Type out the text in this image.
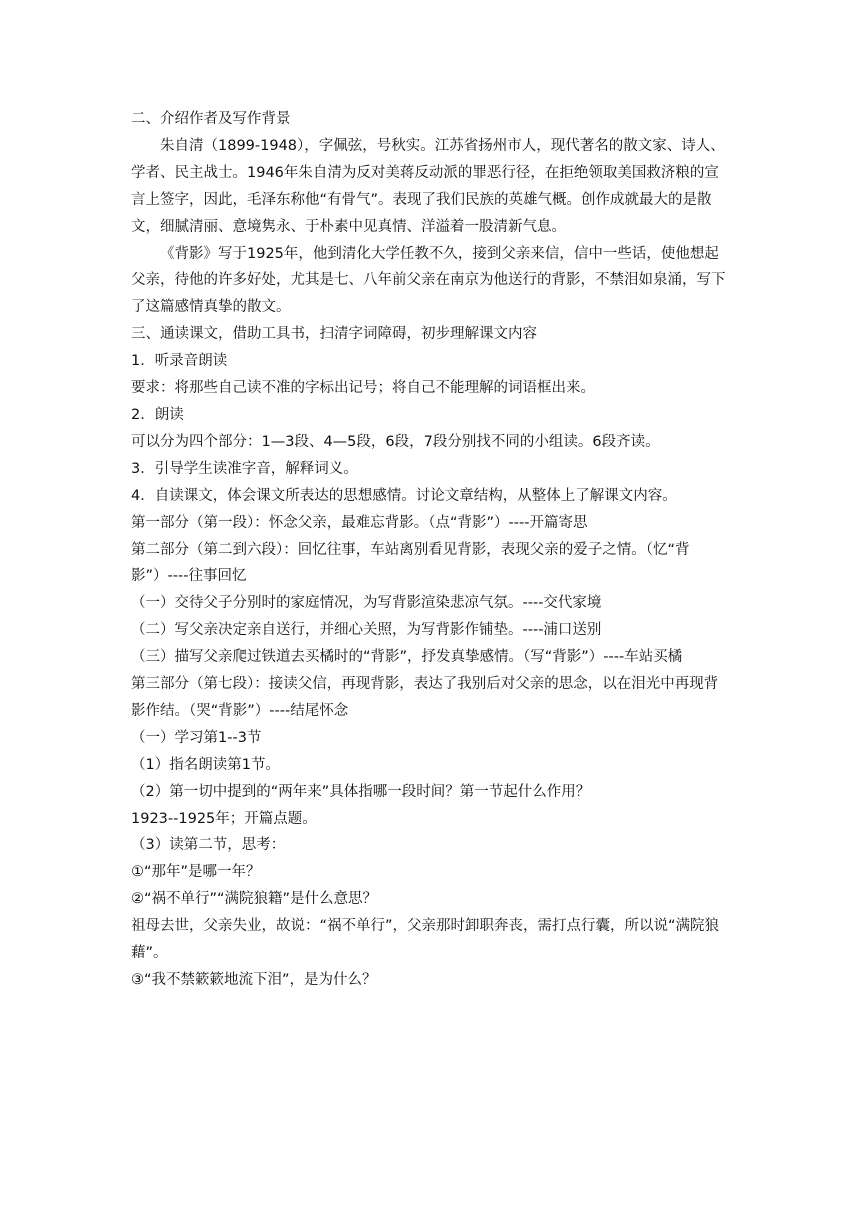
二、介绍作者及写作背景

朱自清（1899-1948），字佩弦，号秋实。江苏省扬州市人，现代著名的散文家、诗人、学者、民主战士。1946年朱自清为反对美蒋反动派的罪恶行径，在拒绝领取美国救济粮的宣言上签字，因此，毛泽东称他“有骨气”。表现了我们民族的英雄气概。创作成就最大的是散文，细腻清丽、意境隽永、于朴素中见真情、洋溢着一股清新气息。

《背影》写于1925年，他到清化大学任教不久，接到父亲来信，信中一些话，使他想起父亲，待他的许多好处，尤其是七、八年前父亲在南京为他送行的背影，不禁泪如泉涌，写下了这篇感情真挚的散文。

三、通读课文，借助工具书，扫清字词障碍，初步理解课文内容

1．听录音朗读

要求：将那些自己读不准的字标出记号；将自己不能理解的词语框出来。

2．朗读

可以分为四个部分：1—3段、4—5段，6段，7段分别找不同的小组读。6段齐读。

3．引导学生读准字音，解释词义。

4．自读课文，体会课文所表达的思想感情。讨论文章结构，从整体上了解课文内容。

第一部分（第一段）：怀念父亲，最难忘背影。（点“背影”）----开篇寄思

第二部分（第二到六段）：回忆往事，车站离别看见背影，表现父亲的爱子之情。（忆“背影”）----往事回忆

（一）交待父子分别时的家庭情况，为写背影渲染悲凉气氛。----交代家境

（二）写父亲决定亲自送行，并细心关照，为写背影作铺垫。----浦口送别

（三）描写父亲爬过铁道去买橘时的“背影”，抒发真挚感情。（写“背影”）----车站买橘

第三部分（第七段）：接读父信，再现背影，表达了我别后对父亲的思念，以在泪光中再现背影作结。（哭“背影”）----结尾怀念

（一）学习第1--3节

（1）指名朗读第1节。

（2）第一切中提到的“两年来”具体指哪一段时间？第一节起什么作用？

1923--1925年；开篇点题。

（3）读第二节，思考：

①“那年”是哪一年？

②“祸不单行”“满院狼籍”是什么意思？

祖母去世，父亲失业，故说：“祸不单行”，父亲那时卸职奔丧，需打点行囊，所以说“满院狼藉”。

③“我不禁簌簌地流下泪”，是为什么？
